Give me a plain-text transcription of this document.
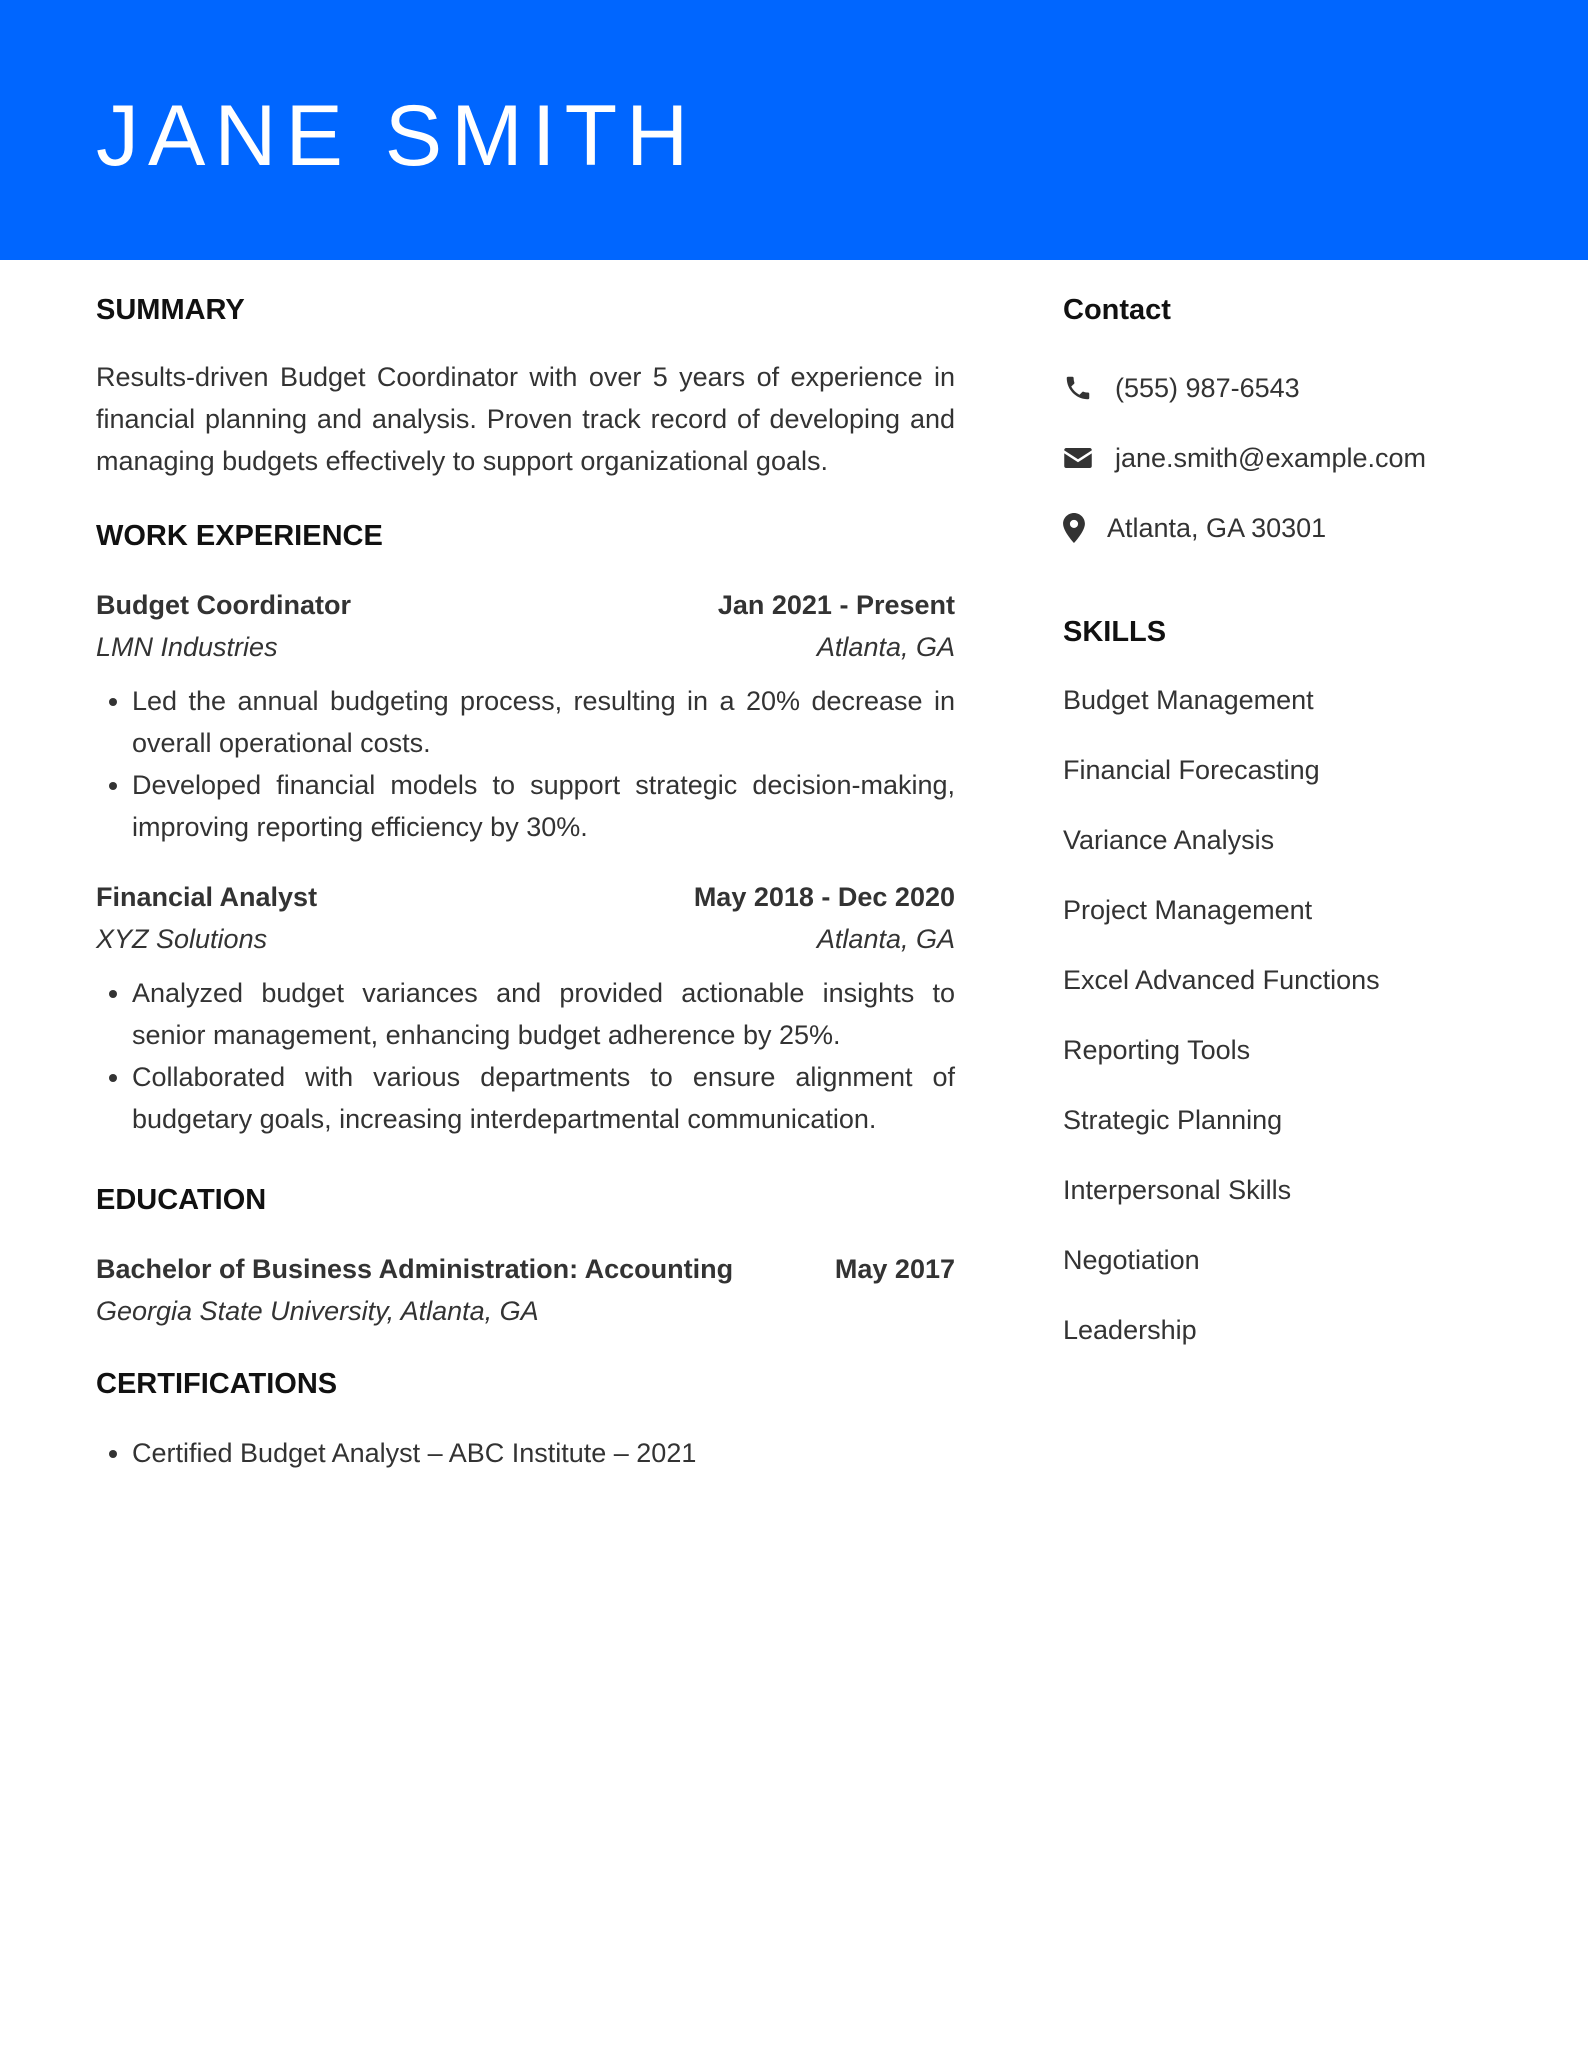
JANE SMITH
SUMMARY

Results-driven Budget Coordinator with over 5 years of experience in financial planning and analysis. Proven track record of developing and managing budgets effectively to support organizational goals.

WORK EXPERIENCE
Budget Coordinator	Jan 2021 - Present
LMN Industries	Atlanta, GA
• Led the annual budgeting process, resulting in a 20% decrease in overall operational costs.
• Developed financial models to support strategic decision-making, improving reporting efficiency by 30%.
Financial Analyst	May 2018 - Dec 2020
XYZ Solutions	Atlanta, GA
• Analyzed budget variances and provided actionable insights to senior management, enhancing budget adherence by 25%.
• Collaborated with various departments to ensure alignment of budgetary goals, increasing interdepartmental communication.
EDUCATION
Bachelor of Business Administration: Accounting	May 2017
Georgia State University, Atlanta, GA
CERTIFICATIONS
• Certified Budget Analyst – ABC Institute – 2021
Contact
(555) 987-6543
jane.smith@example.com
Atlanta, GA 30301
SKILLS
Budget Management
Financial Forecasting
Variance Analysis
Project Management
Excel Advanced Functions
Reporting Tools
Strategic Planning
Interpersonal Skills
Negotiation
Leadership
